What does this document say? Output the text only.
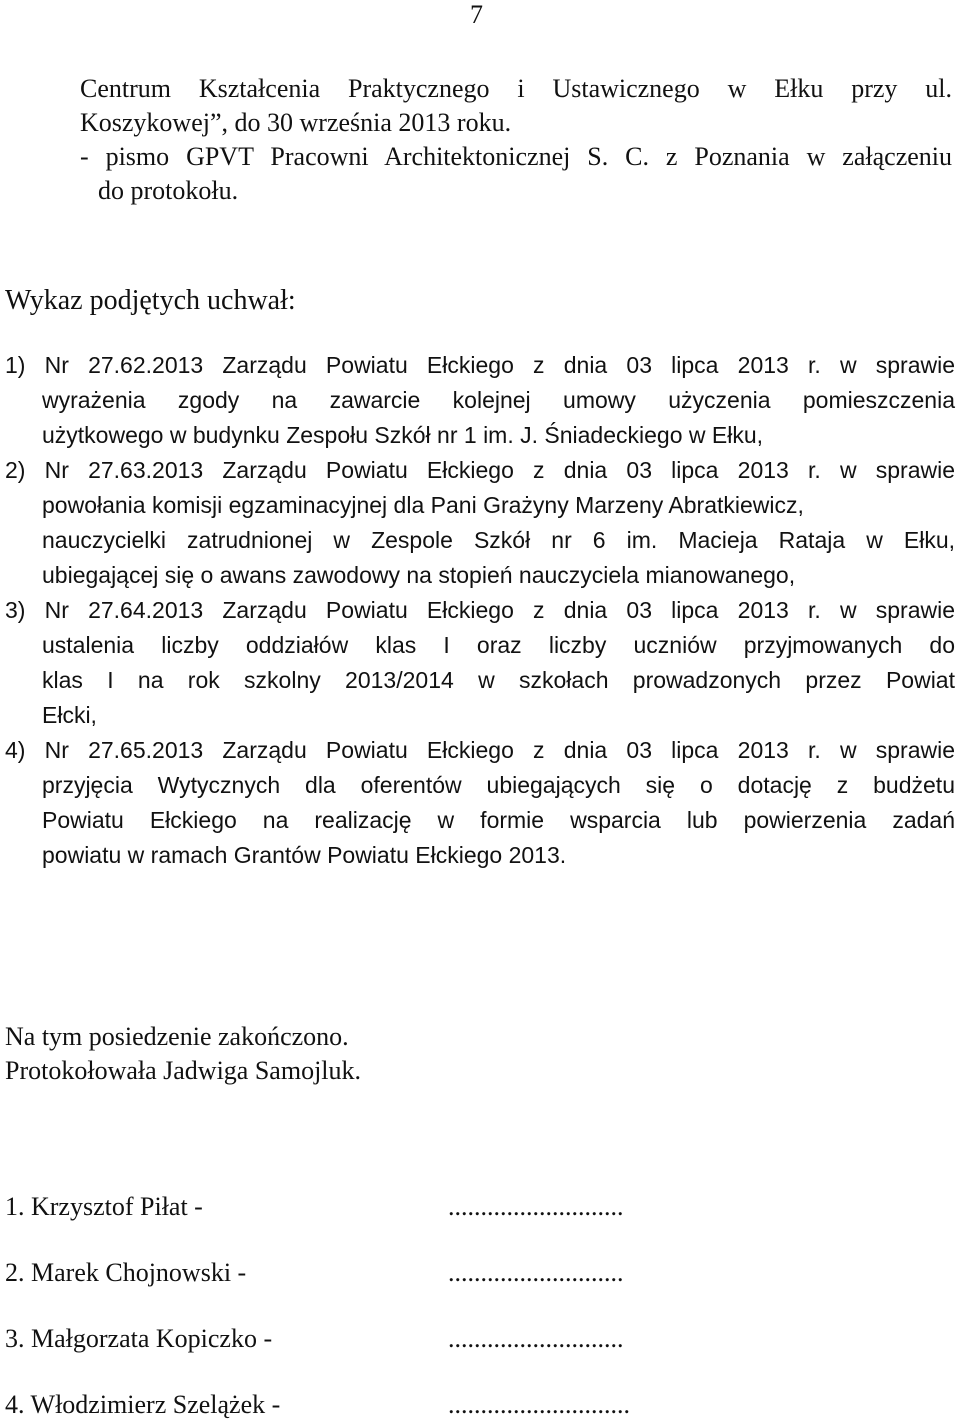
7
Centrum Kształcenia Praktycznego i Ustawicznego w Ełku przy ul.
Koszykowej”, do 30 września 2013 roku.
- pismo GPVT Pracowni Architektonicznej S. C. z Poznania w załączeniu
do protokołu.
Wykaz podjętych uchwał:
1) Nr 27.62.2013 Zarządu Powiatu Ełckiego z dnia 03 lipca 2013 r. w sprawie
wyrażenia zgody na zawarcie kolejnej umowy użyczenia pomieszczenia
użytkowego w budynku Zespołu Szkół nr 1 im. J. Śniadeckiego w Ełku,
2) Nr 27.63.2013 Zarządu Powiatu Ełckiego z dnia 03 lipca 2013 r. w sprawie
powołania komisji egzaminacyjnej dla Pani Grażyny Marzeny Abratkiewicz,
nauczycielki zatrudnionej w Zespole Szkół nr 6 im. Macieja Rataja w Ełku,
ubiegającej się o awans zawodowy na stopień nauczyciela mianowanego,
3) Nr 27.64.2013 Zarządu Powiatu Ełckiego z dnia 03 lipca 2013 r. w sprawie
ustalenia liczby oddziałów klas I oraz liczby uczniów przyjmowanych do
klas I na rok szkolny 2013/2014 w szkołach prowadzonych przez Powiat
Ełcki,
4) Nr 27.65.2013 Zarządu Powiatu Ełckiego z dnia 03 lipca 2013 r. w sprawie
przyjęcia Wytycznych dla oferentów ubiegających się o dotację z budżetu
Powiatu Ełckiego na realizację w formie wsparcia lub powierzenia zadań
powiatu w ramach Grantów Powiatu Ełckiego 2013.
Na tym posiedzenie zakończono.
Protokołowała Jadwiga Samojluk.
1. Krzysztof Piłat -	...........................
2. Marek Chojnowski -	...........................
3. Małgorzata Kopiczko -	...........................
4. Włodzimierz Szelążek -	............................
